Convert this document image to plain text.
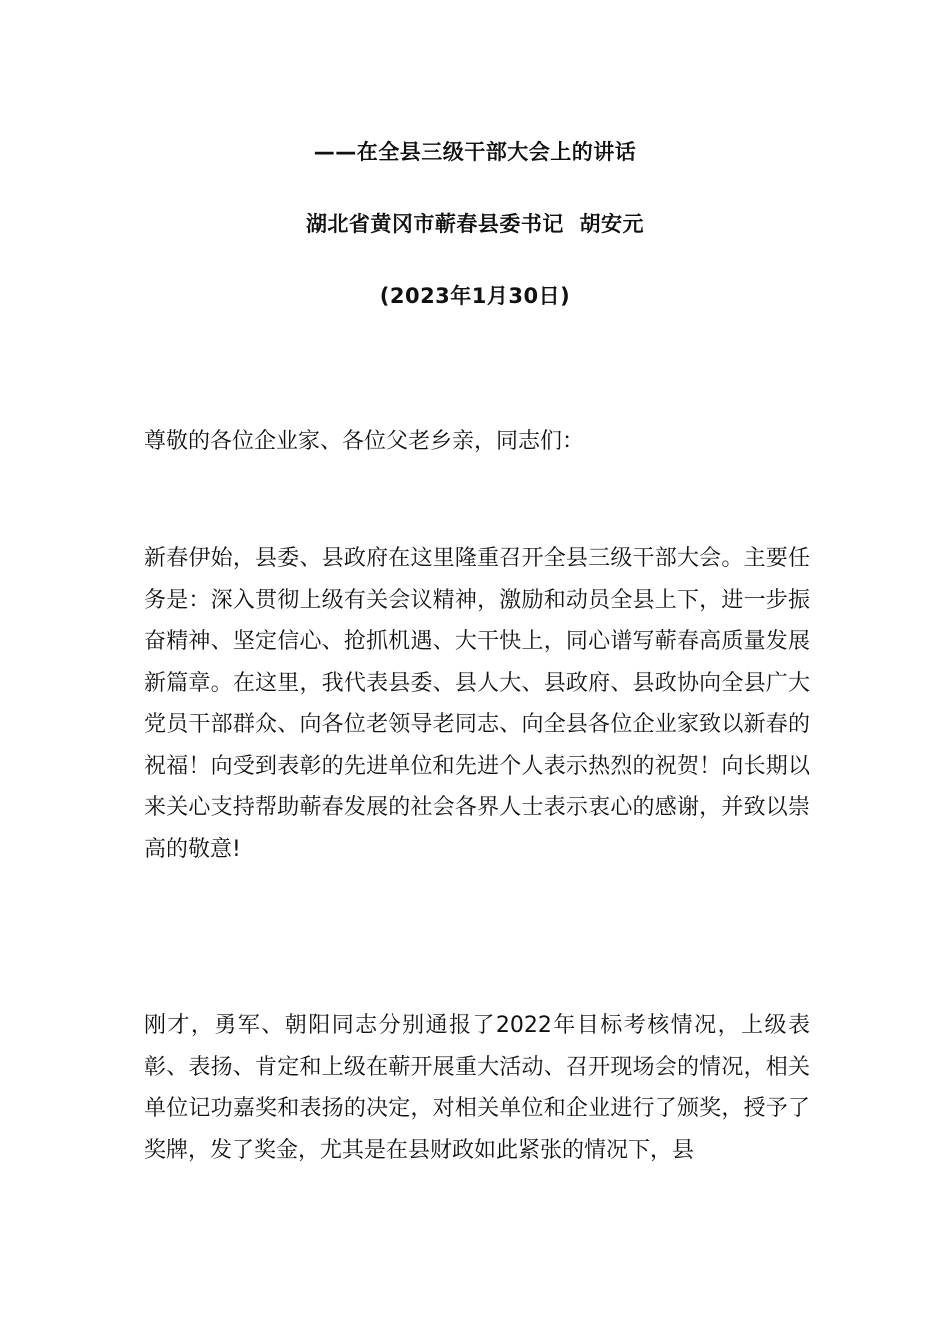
——在全县三级干部大会上的讲话
湖北省黄冈市蕲春县委书记  胡安元
(2023年1月30日)
尊敬的各位企业家、各位父老乡亲，同志们：
新春伊始，县委、县政府在这里隆重召开全县三级干部大会。主要任务是：深入贯彻上级有关会议精神，激励和动员全县上下，进一步振奋精神、坚定信心、抢抓机遇、大干快上，同心谱写蕲春高质量发展新篇章。在这里，我代表县委、县人大、县政府、县政协向全县广大党员干部群众、向各位老领导老同志、向全县各位企业家致以新春的祝福！向受到表彰的先进单位和先进个人表示热烈的祝贺！向长期以来关心支持帮助蕲春发展的社会各界人士表示衷心的感谢，并致以崇高的敬意!
刚才，勇军、朝阳同志分别通报了2022年目标考核情况，上级表彰、表扬、肯定和上级在蕲开展重大活动、召开现场会的情况，相关单位记功嘉奖和表扬的决定，对相关单位和企业进行了颁奖，授予了奖牌，发了奖金，尤其是在县财政如此紧张的情况下，县
